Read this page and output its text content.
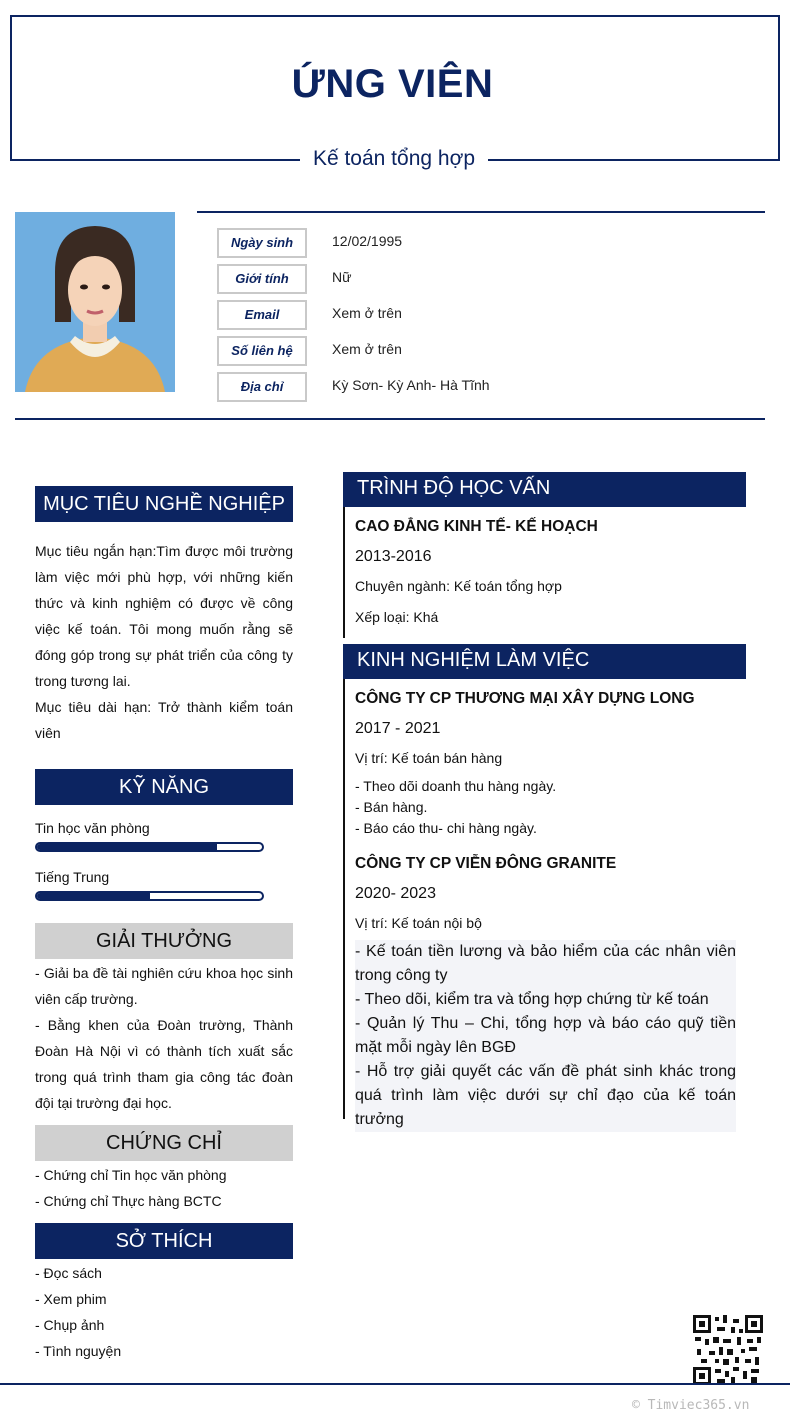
ỨNG VIÊN
Kế toán tổng hợp
Ngày sinh	12/02/1995
Giới tính	Nữ
Email	Xem ở trên
Số liên hệ	Xem ở trên
Địa chỉ	Kỳ Sơn- Kỳ Anh- Hà Tĩnh
MỤC TIÊU NGHỀ NGHIỆP
Mục tiêu ngắn hạn:Tìm được môi trường làm việc mới phù hợp, với những kiến thức và kinh nghiệm có được về công việc kế toán. Tôi mong muốn rằng sẽ đóng góp trong sự phát triển của công ty trong tương lai.
Mục tiêu dài hạn: Trở thành kiểm toán viên
KỸ NĂNG
Tin học văn phòng
Tiếng Trung
GIẢI THƯỞNG
- Giải ba đề tài nghiên cứu khoa học sinh viên cấp trường.
- Bằng khen của Đoàn trường, Thành Đoàn Hà Nội vì có thành tích xuất sắc trong quá trình tham gia công tác đoàn đội tại trường đại học.
CHỨNG CHỈ
- Chứng chỉ Tin học văn phòng
- Chứng chỉ Thực hàng BCTC
SỞ THÍCH
- Đọc sách
- Xem phim
- Chụp ảnh
- Tình nguyện
TRÌNH ĐỘ HỌC VẤN
CAO ĐẲNG KINH TẾ- KẾ HOẠCH
2013-2016
Chuyên ngành: Kế toán tổng hợp
Xếp loại: Khá
KINH NGHIỆM LÀM VIỆC
CÔNG TY CP THƯƠNG MẠI XÂY DỰNG LONG
2017 - 2021
Vị trí: Kế toán bán hàng
- Theo dõi doanh thu hàng ngày.
- Bán hàng.
- Báo cáo thu- chi hàng ngày.
CÔNG TY CP VIỄN ĐÔNG GRANITE
2020- 2023
Vị trí: Kế toán nội bộ
- Kế toán tiền lương và bảo hiểm của các nhân viên trong công ty
- Theo dõi, kiểm tra và tổng hợp chứng từ kế toán
- Quản lý Thu – Chi, tổng hợp và báo cáo quỹ tiền mặt mỗi ngày lên BGĐ
- Hỗ trợ giải quyết các vấn đề phát sinh khác trong quá trình làm việc dưới sự chỉ đạo của kế toán trưởng
© Timviec365.vn
